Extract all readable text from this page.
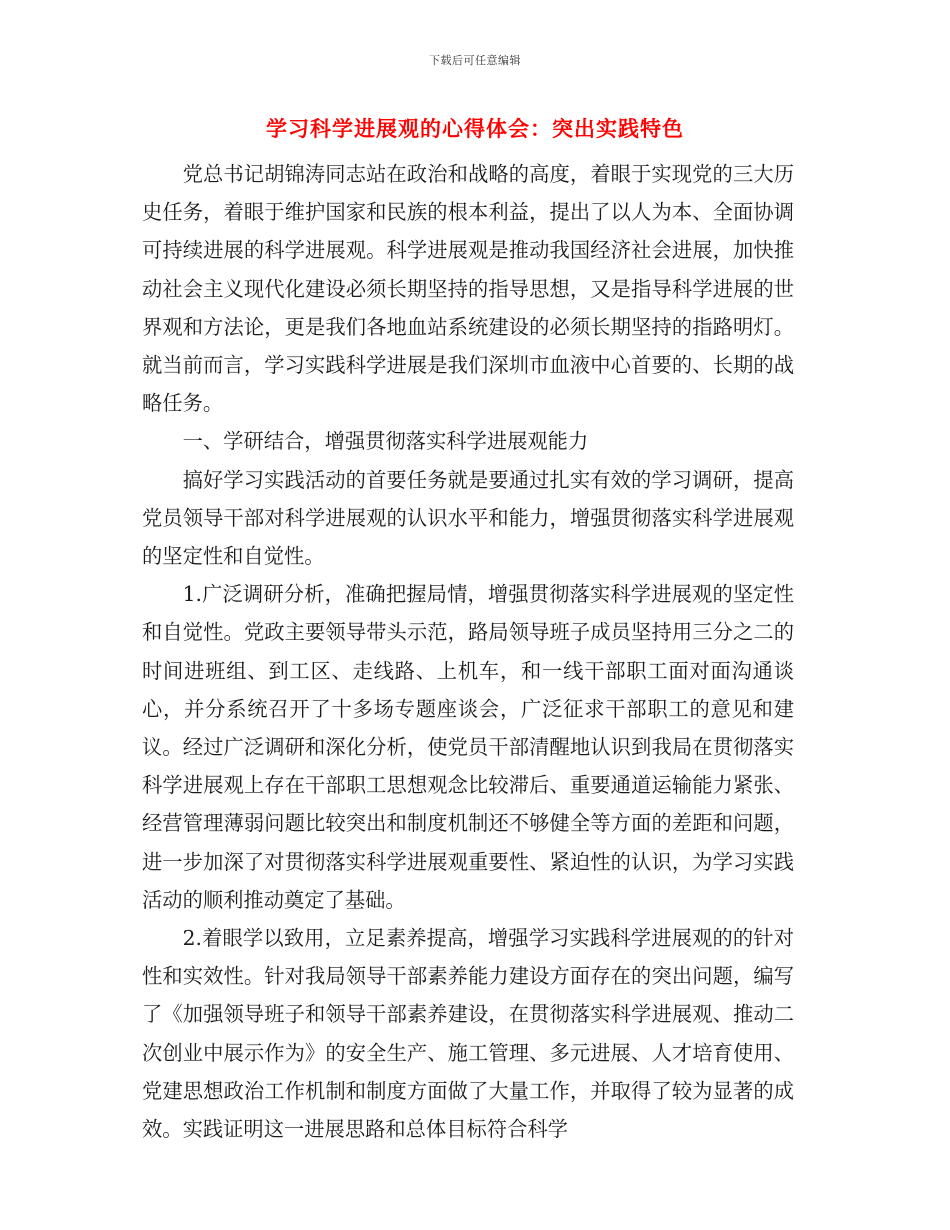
下载后可任意编辑
学习科学进展观的心得体会：突出实践特色

党总书记胡锦涛同志站在政治和战略的高度，着眼于实现党的三大历史任务，着眼于维护国家和民族的根本利益，提出了以人为本、全面协调可持续进展的科学进展观。科学进展观是推动我国经济社会进展，加快推动社会主义现代化建设必须长期坚持的指导思想，又是指导科学进展的世界观和方法论，更是我们各地血站系统建设的必须长期坚持的指路明灯。就当前而言，学习实践科学进展是我们深圳市血液中心首要的、长期的战略任务。

一、学研结合，增强贯彻落实科学进展观能力

搞好学习实践活动的首要任务就是要通过扎实有效的学习调研，提高党员领导干部对科学进展观的认识水平和能力，增强贯彻落实科学进展观的坚定性和自觉性。

1.广泛调研分析，准确把握局情，增强贯彻落实科学进展观的坚定性和自觉性。党政主要领导带头示范，路局领导班子成员坚持用三分之二的时间进班组、到工区、走线路、上机车，和一线干部职工面对面沟通谈心，并分系统召开了十多场专题座谈会，广泛征求干部职工的意见和建议。经过广泛调研和深化分析，使党员干部清醒地认识到我局在贯彻落实科学进展观上存在干部职工思想观念比较滞后、重要通道运输能力紧张、经营管理薄弱问题比较突出和制度机制还不够健全等方面的差距和问题，进一步加深了对贯彻落实科学进展观重要性、紧迫性的认识，为学习实践活动的顺利推动奠定了基础。

2.着眼学以致用，立足素养提高，增强学习实践科学进展观的的针对性和实效性。针对我局领导干部素养能力建设方面存在的突出问题，编写了《加强领导班子和领导干部素养建设，在贯彻落实科学进展观、推动二次创业中展示作为》的安全生产、施工管理、多元进展、人才培育使用、党建思想政治工作机制和制度方面做了大量工作，并取得了较为显著的成效。实践证明这一进展思路和总体目标符合科学
